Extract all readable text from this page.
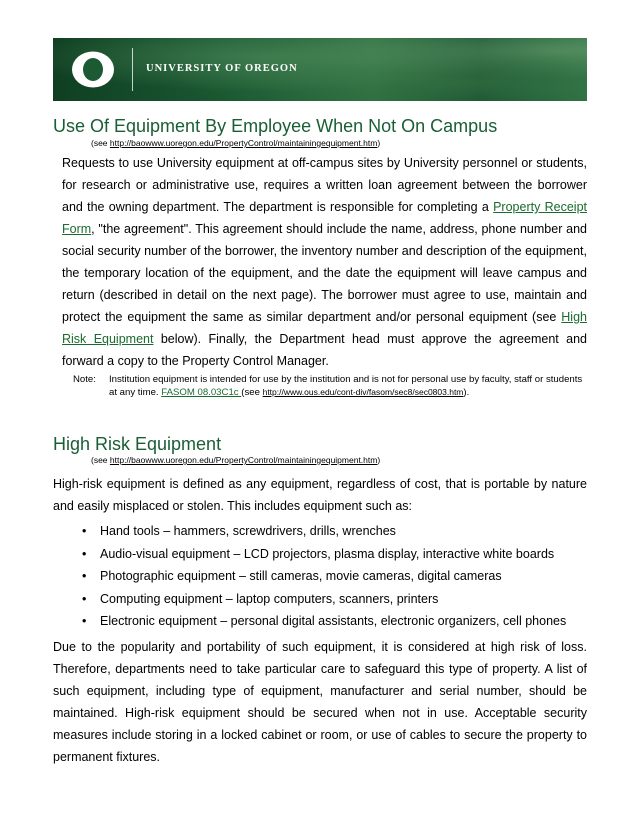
UNIVERSITY OF OREGON
Use Of Equipment By Employee When Not On Campus
(see http://baowww.uoregon.edu/PropertyControl/maintainingequipment.htm)

Requests to use University equipment at off-campus sites by University personnel or students, for research or administrative use, requires a written loan agreement between the borrower and the owning department. The department is responsible for completing a Property Receipt Form, "the agreement". This agreement should include the name, address, phone number and social security number of the borrower, the inventory number and description of the equipment, the temporary location of the equipment, and the date the equipment will leave campus and return (described in detail on the next page). The borrower must agree to use, maintain and protect the equipment the same as similar department and/or personal equipment (see High Risk Equipment below). Finally, the Department head must approve the agreement and forward a copy to the Property Control Manager.

Note: Institution equipment is intended for use by the institution and is not for personal use by faculty, staff or students at any time. FASOM 08.03C1c (see http://www.ous.edu/cont-div/fasom/sec8/sec0803.htm).
High Risk Equipment
(see http://baowww.uoregon.edu/PropertyControl/maintainingequipment.htm)

High-risk equipment is defined as any equipment, regardless of cost, that is portable by nature and easily misplaced or stolen. This includes equipment such as:

• Hand tools – hammers, screwdrivers, drills, wrenches
• Audio-visual equipment – LCD projectors, plasma display, interactive white boards
• Photographic equipment – still cameras, movie cameras, digital cameras
• Computing equipment – laptop computers, scanners, printers
• Electronic equipment – personal digital assistants, electronic organizers, cell phones

Due to the popularity and portability of such equipment, it is considered at high risk of loss. Therefore, departments need to take particular care to safeguard this type of property. A list of such equipment, including type of equipment, manufacturer and serial number, should be maintained. High-risk equipment should be secured when not in use. Acceptable security measures include storing in a locked cabinet or room, or use of cables to secure the property to permanent fixtures.
